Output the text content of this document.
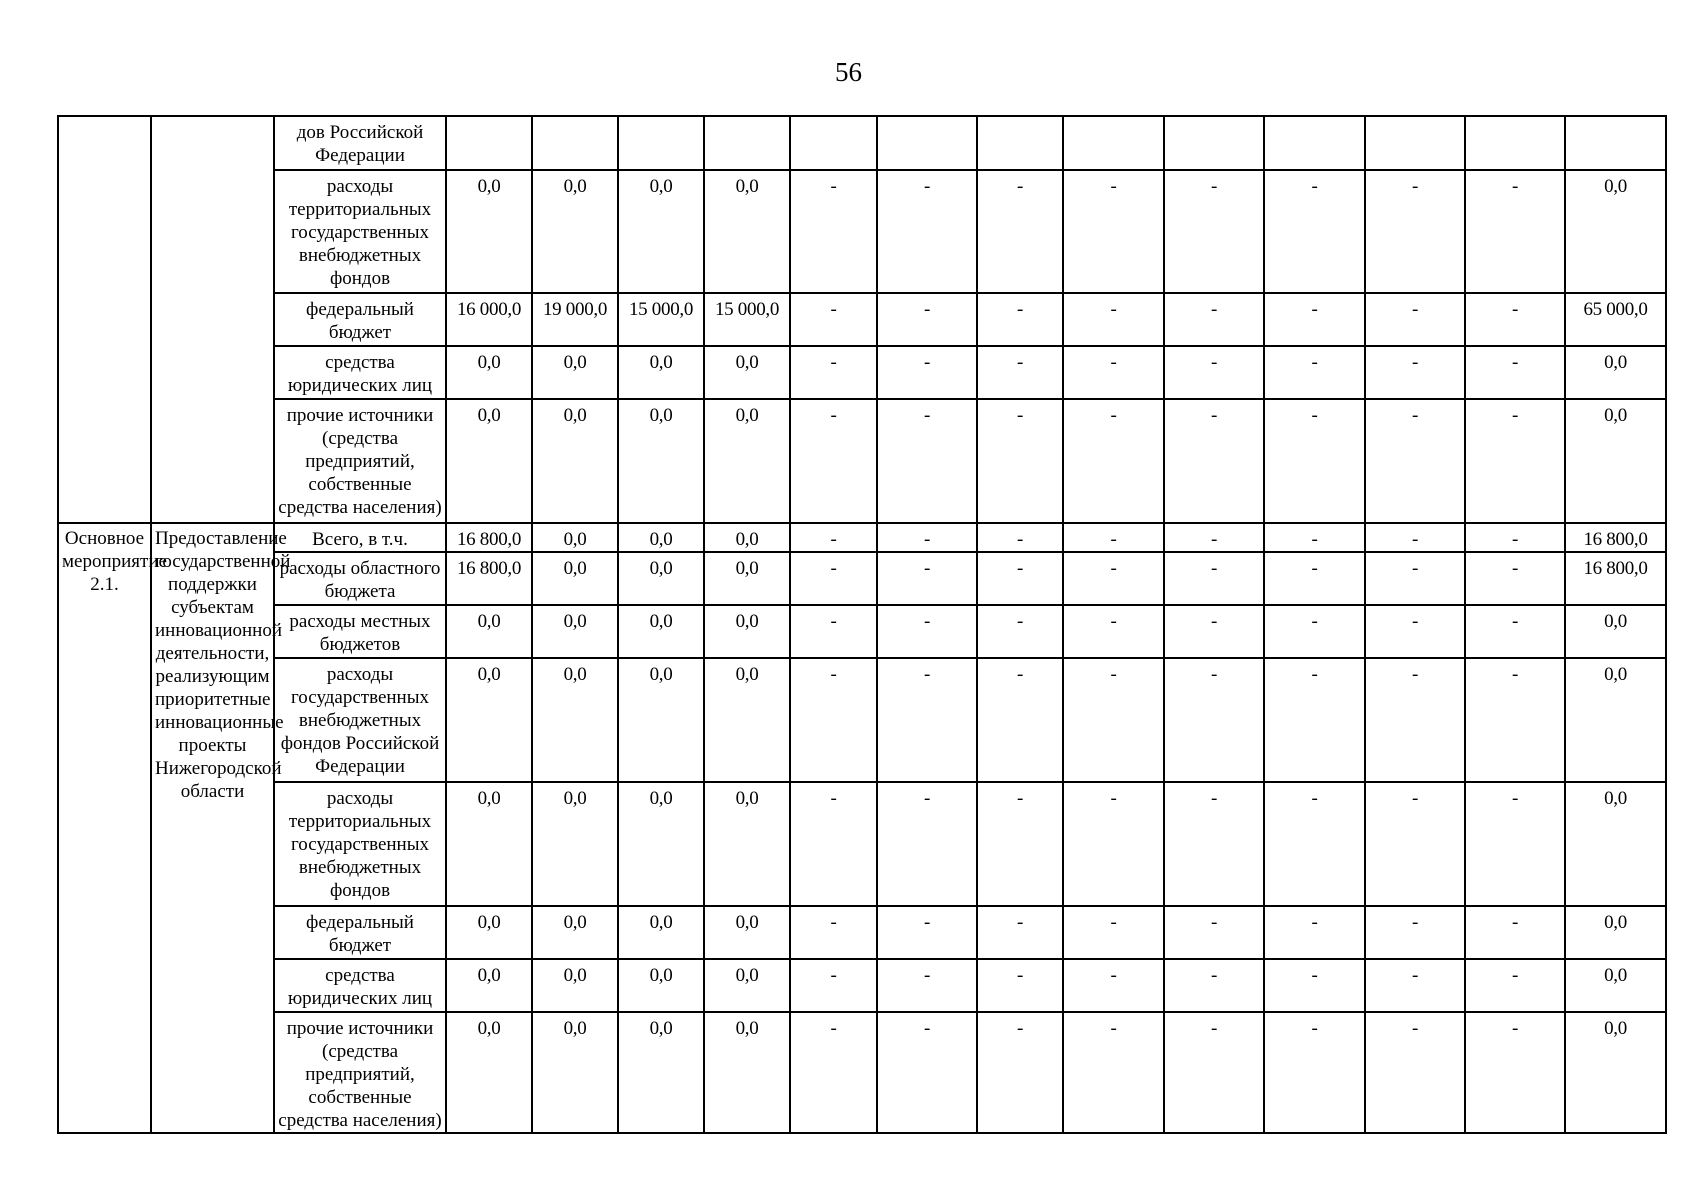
56
		дов Российской Федерации													
		расходы территориальных государственных внебюджетных фондов	0,0	0,0	0,0	0,0	-	-	-	-	-	-	-	-	0,0
		федеральный бюджет	16 000,0	19 000,0	15 000,0	15 000,0	-	-	-	-	-	-	-	-	65 000,0
		средства юридических лиц	0,0	0,0	0,0	0,0	-	-	-	-	-	-	-	-	0,0
		прочие источники (средства предприятий, собственные средства населения)	0,0	0,0	0,0	0,0	-	-	-	-	-	-	-	-	0,0
Основное мероприятие 2.1.	Предоставление государственной поддержки субъектам инновационной деятельности, реализующим приоритетные инновационные проекты Нижегородской области	Всего, в т.ч.	16 800,0	0,0	0,0	0,0	-	-	-	-	-	-	-	-	16 800,0
		расходы областного бюджета	16 800,0	0,0	0,0	0,0	-	-	-	-	-	-	-	-	16 800,0
		расходы местных бюджетов	0,0	0,0	0,0	0,0	-	-	-	-	-	-	-	-	0,0
		расходы государственных внебюджетных фондов Российской Федерации	0,0	0,0	0,0	0,0	-	-	-	-	-	-	-	-	0,0
		расходы территориальных государственных внебюджетных фондов	0,0	0,0	0,0	0,0	-	-	-	-	-	-	-	-	0,0
		федеральный бюджет	0,0	0,0	0,0	0,0	-	-	-	-	-	-	-	-	0,0
		средства юридических лиц	0,0	0,0	0,0	0,0	-	-	-	-	-	-	-	-	0,0
		прочие источники (средства предприятий, собственные средства населения)	0,0	0,0	0,0	0,0	-	-	-	-	-	-	-	-	0,0
